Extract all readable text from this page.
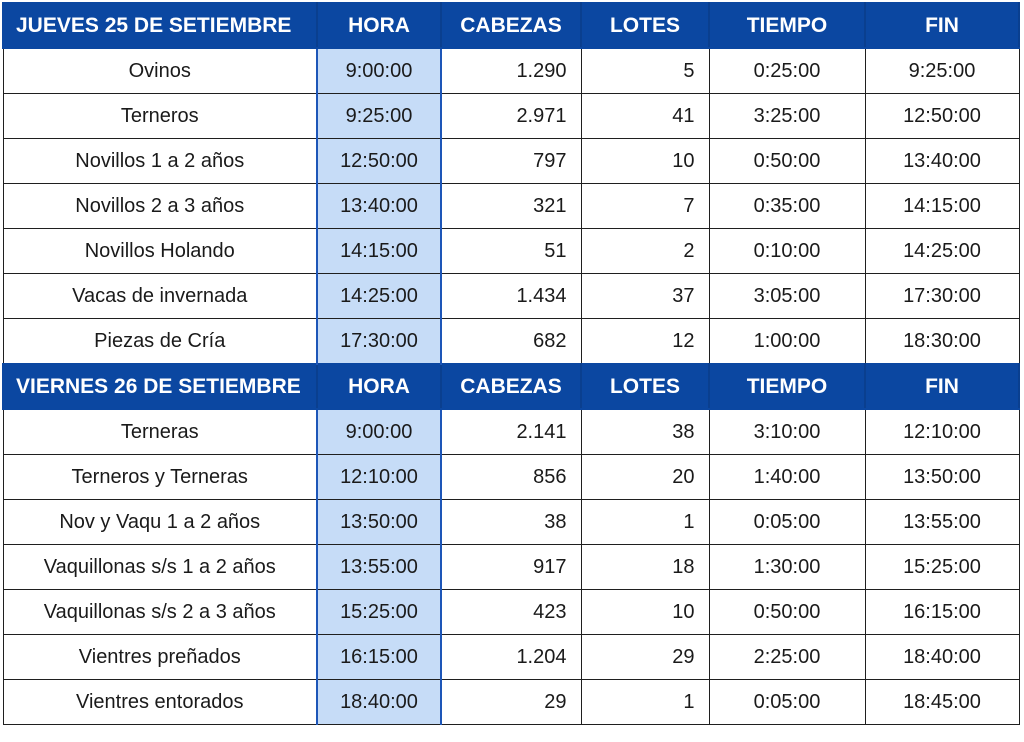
JUEVES 25 DE SETIEMBRE	HORA	CABEZAS	LOTES	TIEMPO	FIN
Ovinos	9:00:00	1.290	5	0:25:00	9:25:00
Terneros	9:25:00	2.971	41	3:25:00	12:50:00
Novillos 1 a 2 años	12:50:00	797	10	0:50:00	13:40:00
Novillos 2 a 3 años	13:40:00	321	7	0:35:00	14:15:00
Novillos Holando	14:15:00	51	2	0:10:00	14:25:00
Vacas de invernada	14:25:00	1.434	37	3:05:00	17:30:00
Piezas de Cría	17:30:00	682	12	1:00:00	18:30:00
VIERNES 26 DE SETIEMBRE	HORA	CABEZAS	LOTES	TIEMPO	FIN
Terneras	9:00:00	2.141	38	3:10:00	12:10:00
Terneros y Terneras	12:10:00	856	20	1:40:00	13:50:00
Nov y Vaqu 1 a 2 años	13:50:00	38	1	0:05:00	13:55:00
Vaquillonas s/s 1 a 2 años	13:55:00	917	18	1:30:00	15:25:00
Vaquillonas s/s 2 a 3 años	15:25:00	423	10	0:50:00	16:15:00
Vientres preñados	16:15:00	1.204	29	2:25:00	18:40:00
Vientres entorados	18:40:00	29	1	0:05:00	18:45:00
